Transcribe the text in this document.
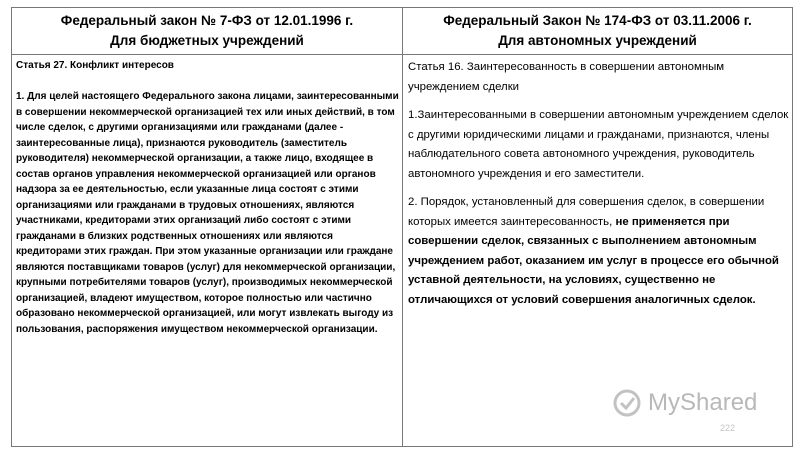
Федеральный закон № 7-ФЗ от 12.01.1996 г.
Для бюджетных учреждений
Федеральный Закон № 174-ФЗ от 03.11.2006 г.
Для автономных учреждений

Статья 27. Конфликт интересов

1. Для целей настоящего Федерального закона лицами, заинтересованными в совершении некоммерческой организацией тех или иных действий, в том числе сделок, с другими организациями или гражданами (далее - заинтересованные лица), признаются руководитель (заместитель руководителя) некоммерческой организации, а также лицо, входящее в состав органов управления некоммерческой организацией или органов надзора за ее деятельностью, если указанные лица состоят с этими организациями или гражданами в трудовых отношениях, являются участниками, кредиторами этих организаций либо состоят с этими гражданами в близких родственных отношениях или являются кредиторами этих граждан. При этом указанные организации или граждане являются поставщиками товаров (услуг) для некоммерческой организации, крупными потребителями товаров (услуг), производимых некоммерческой организацией, владеют имуществом, которое полностью или частично образовано некоммерческой организацией, или могут извлекать выгоду из пользования, распоряжения имуществом некоммерческой организации.

Статья 16. Заинтересованность в совершении автономным учреждением сделки

1.Заинтересованными в совершении автономным учреждением сделок с другими юридическими лицами и гражданами, признаются, члены наблюдательного совета автономного учреждения, руководитель автономного учреждения и его заместители.

2. Порядок, установленный для совершения сделок, в совершении которых имеется заинтересованность, не применяется при совершении сделок, связанных с выполнением автономным учреждением работ, оказанием им услуг в процессе его обычной уставной деятельности, на условиях, существенно не отличающихся от условий совершения аналогичных сделок.

MyShared
222
